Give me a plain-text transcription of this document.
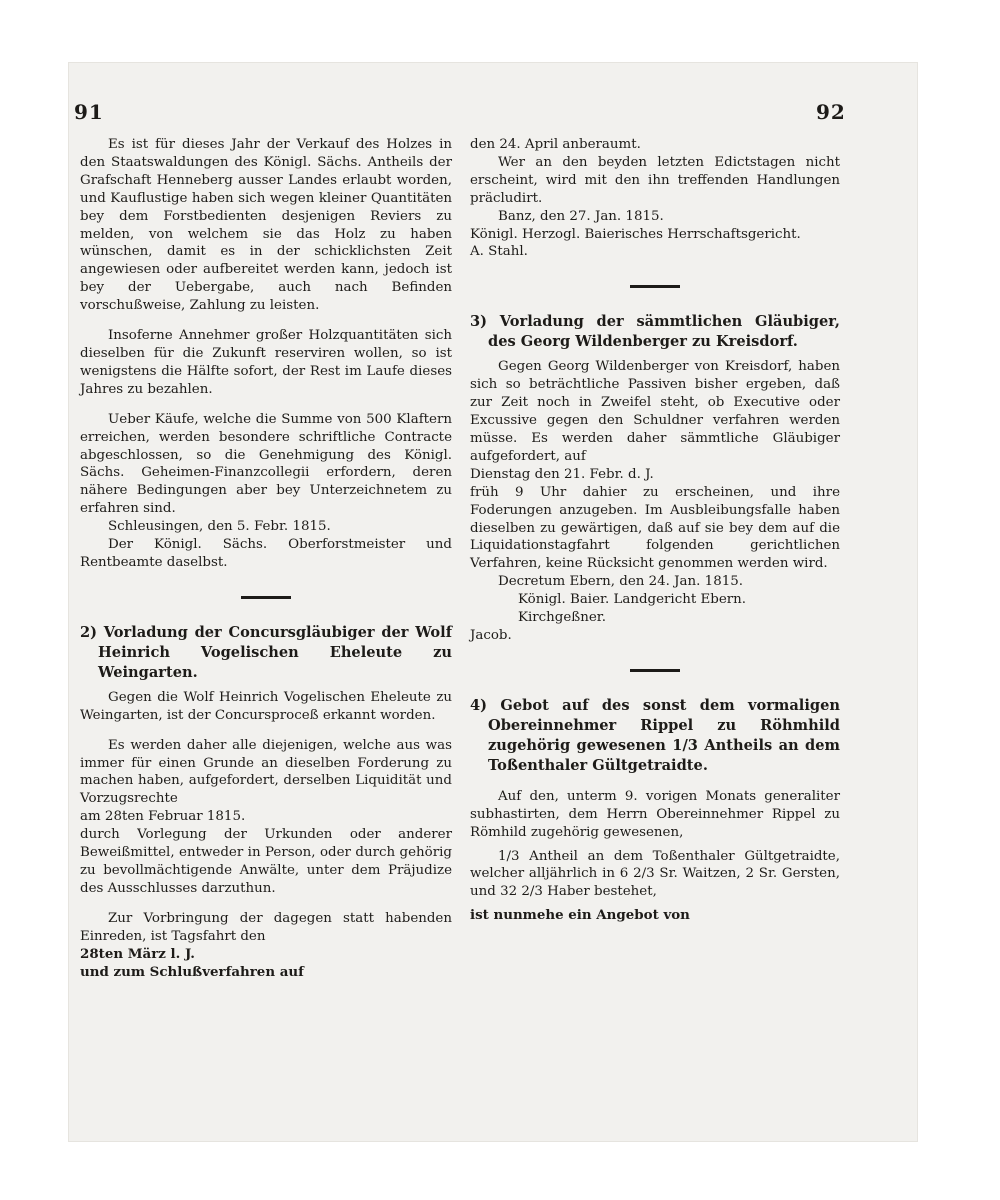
91	92

Es ist für dieses Jahr der Verkauf des Holzes in den Staatswaldungen des Königl. Sächs. Antheils der Grafschaft Henneberg ausser Landes erlaubt worden, und Kauflustige haben sich wegen kleiner Quantitäten bey dem Forstbedienten desjenigen Reviers zu melden, von welchem sie das Holz zu haben wünschen, damit es in der schicklichsten Zeit angewiesen oder aufbereitet werden kann, jedoch ist bey der Uebergabe, auch nach Befinden vorschußweise, Zahlung zu leisten.

Insoferne Annehmer großer Holzquantitäten sich dieselben für die Zukunft reserviren wollen, so ist wenigstens die Hälfte sofort, der Rest im Laufe dieses Jahres zu bezahlen.

Ueber Käufe, welche die Summe von 500 Klaftern erreichen, werden besondere schriftliche Contracte abgeschlossen, so die Genehmigung des Königl. Sächs. Geheimen-Finanzcollegii erfordern, deren nähere Bedingungen aber bey Unterzeichnetem zu erfahren sind.

Schleusingen, den 5. Febr. 1815.

Der Königl. Sächs. Oberforstmeister und Rentbeamte daselbst.

2) Vorladung der Concursgläubiger der Wolf Heinrich Vogelischen Eheleute zu Weingarten.

Gegen die Wolf Heinrich Vogelischen Eheleute zu Weingarten, ist der Concursproceß erkannt worden.

Es werden daher alle diejenigen, welche aus was immer für einen Grunde an dieselben Forderung zu machen haben, aufgefordert, derselben Liquidität und Vorzugsrechte

am 28ten Februar 1815.

durch Vorlegung der Urkunden oder anderer Beweißmittel, entweder in Person, oder durch gehörig zu bevollmächtigende Anwälte, unter dem Präjudize des Ausschlusses darzuthun.

Zur Vorbringung der dagegen statt habenden Einreden, ist Tagsfahrt den

28ten März l. J.

und zum Schlußverfahren auf

den 24. April anberaumt.

Wer an den beyden letzten Edictstagen nicht erscheint, wird mit den ihn treffenden Handlungen präcludirt.

Banz, den 27. Jan. 1815.

Königl. Herzogl. Baierisches Herrschaftsgericht.

A. Stahl.

3) Vorladung der sämmtlichen Gläubiger, des Georg Wildenberger zu Kreisdorf.

Gegen Georg Wildenberger von Kreisdorf, haben sich so beträchtliche Passiven bisher ergeben, daß zur Zeit noch in Zweifel steht, ob Executive oder Excussive gegen den Schuldner verfahren werden müsse. Es werden daher sämmtliche Gläubiger aufgefordert, auf

Dienstag den 21. Febr. d. J.

früh 9 Uhr dahier zu erscheinen, und ihre Foderungen anzugeben. Im Ausbleibungsfalle haben dieselben zu gewärtigen, daß auf sie bey dem auf die Liquidationstagfahrt folgenden gerichtlichen Verfahren, keine Rücksicht genommen werden wird.

Decretum Ebern, den 24. Jan. 1815.

Königl. Baier. Landgericht Ebern.

Kirchgeßner.

Jacob.

4) Gebot auf des sonst dem vormaligen Obereinnehmer Rippel zu Röhmhild zugehörig gewesenen 1/3 Antheils an dem Toßenthaler Gültgetraidte.

Auf den, unterm 9. vorigen Monats generaliter subhastirten, dem Herrn Obereinnehmer Rippel zu Römhild zugehörig gewesenen,

1/3 Antheil an dem Toßenthaler Gültgetraidte, welcher alljährlich in 6 2/3 Sr. Waitzen, 2 Sr. Gersten, und 32 2/3 Haber bestehet,

ist nunmehe ein Angebot von
